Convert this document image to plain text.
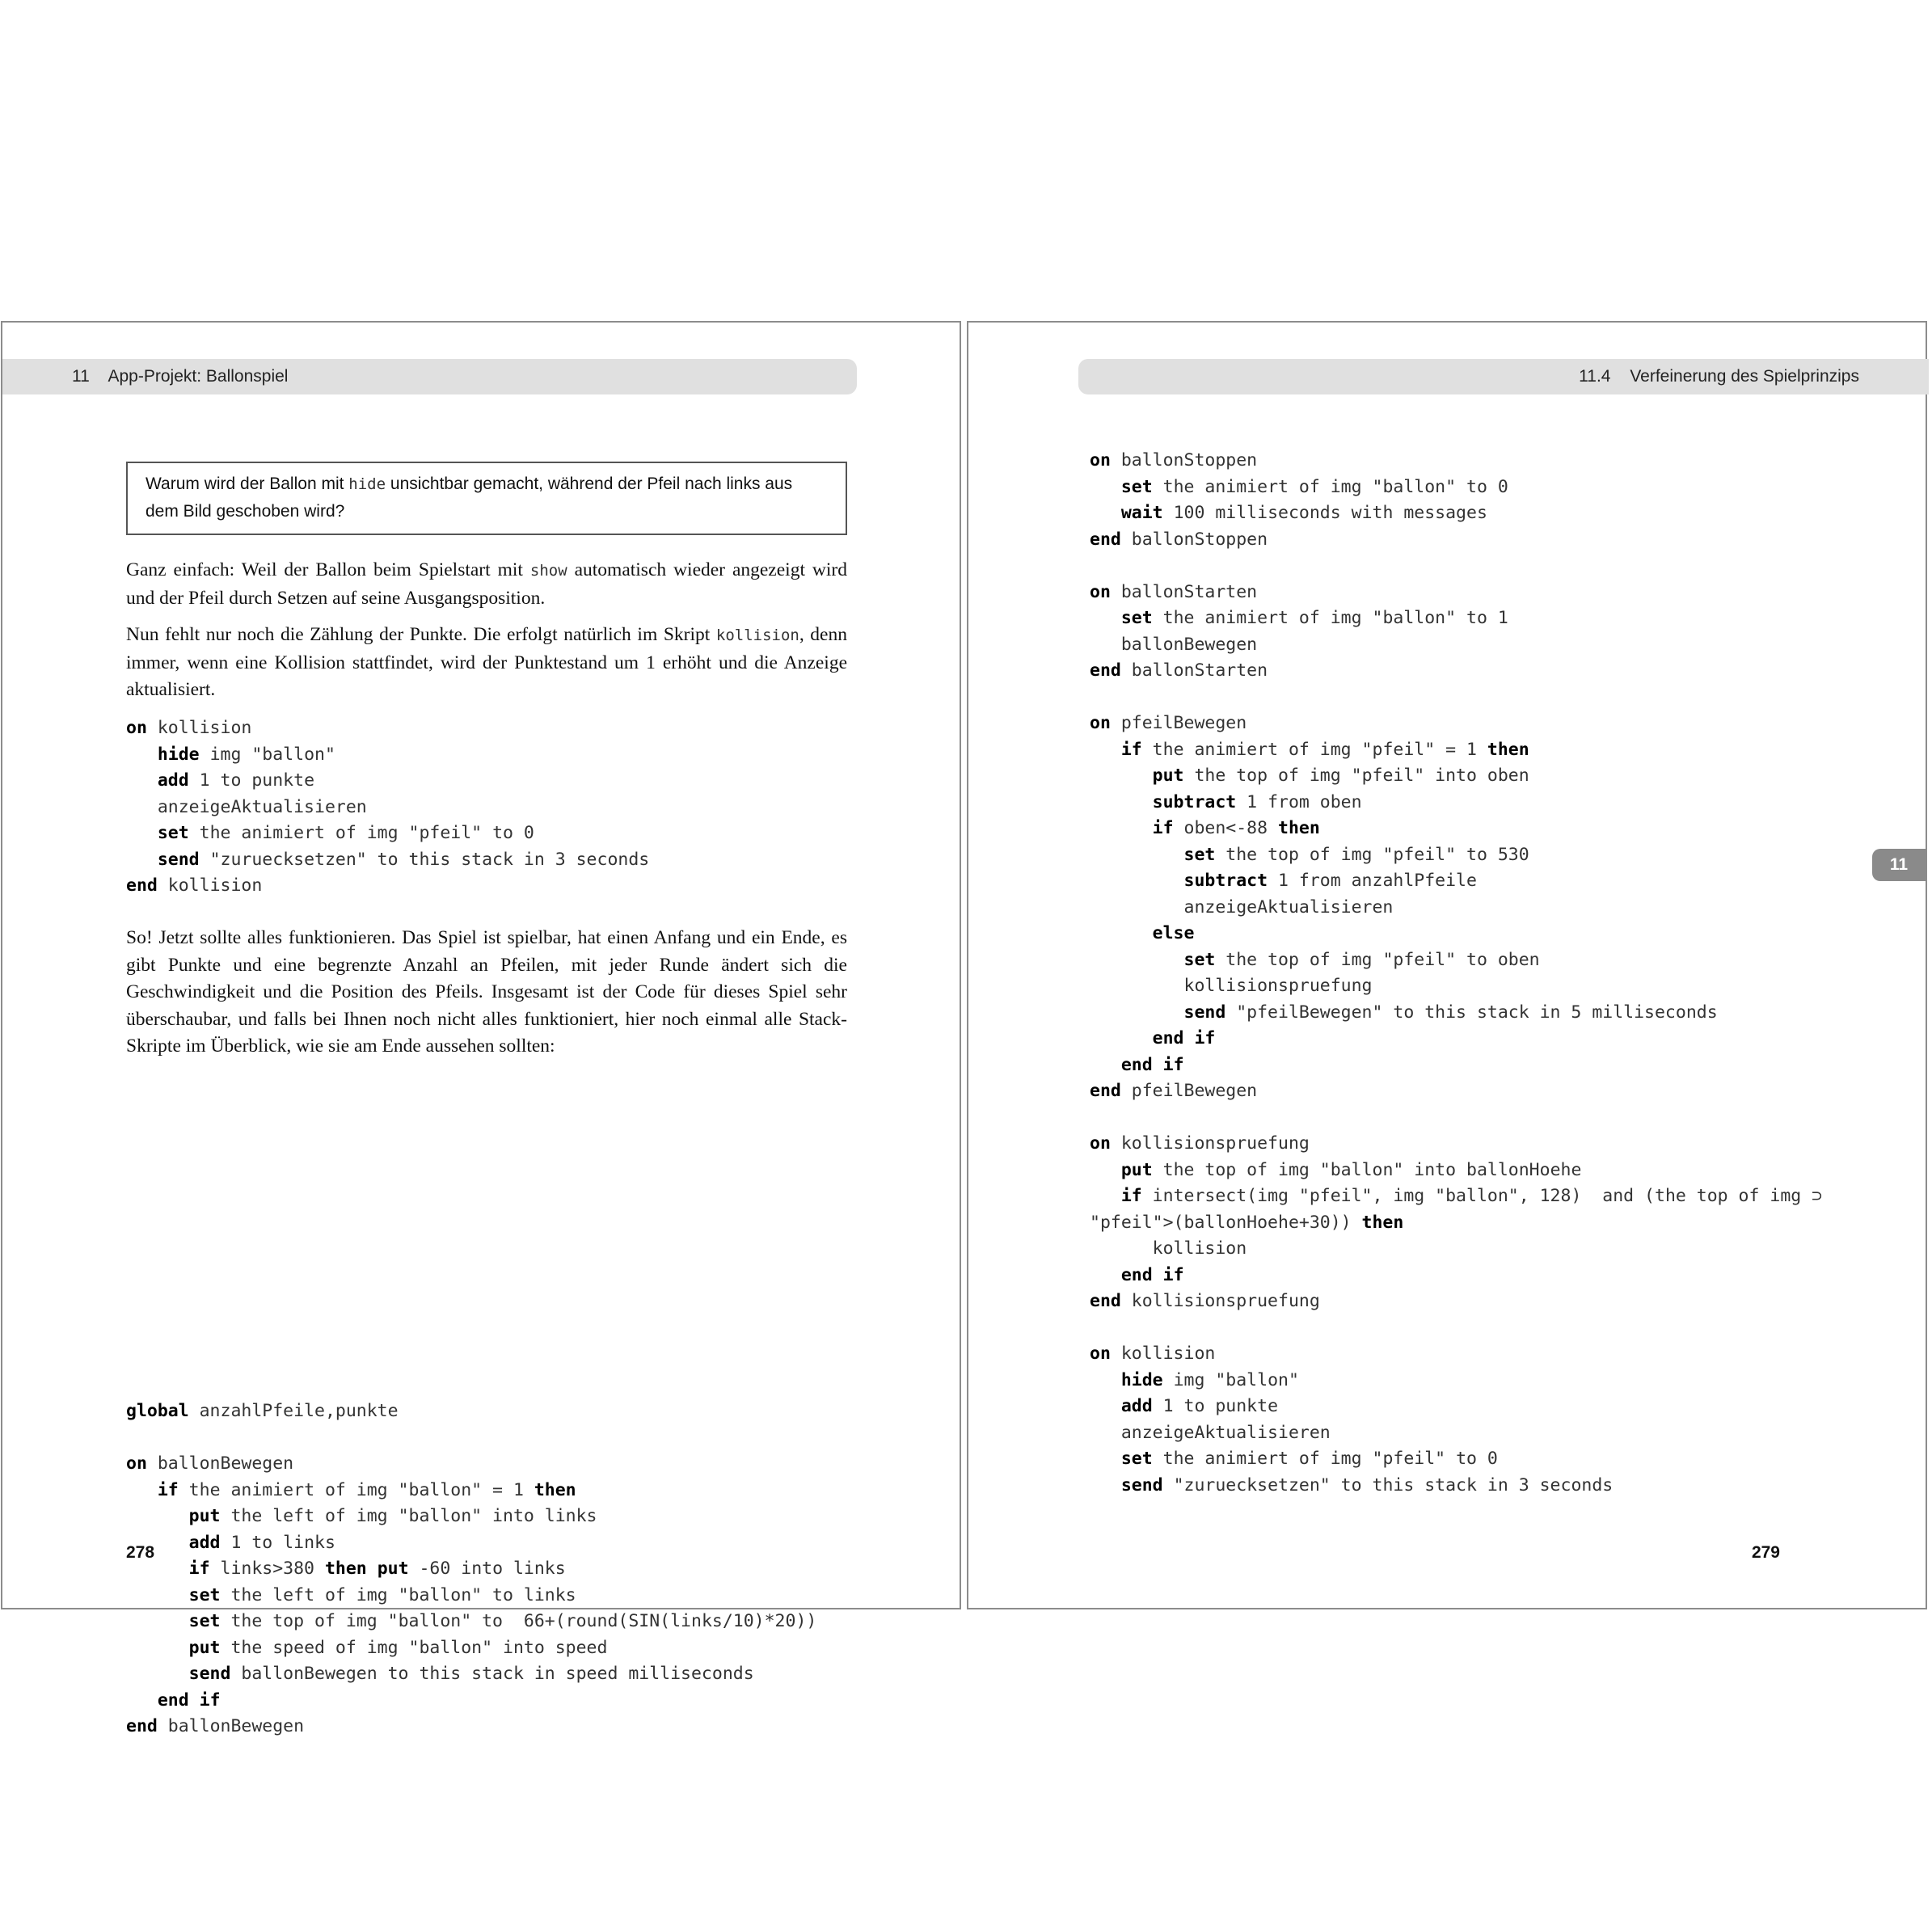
11 App-Projekt: Ballonspiel
Warum wird der Ballon mit hide unsichtbar gemacht, während der Pfeil nach links aus dem Bild geschoben wird?

Ganz einfach: Weil der Ballon beim Spielstart mit show automatisch wieder angezeigt wird und der Pfeil durch Setzen auf seine Ausgangsposition.

Nun fehlt nur noch die Zählung der Punkte. Die erfolgt natürlich im Skript kollision, denn immer, wenn eine Kollision stattfindet, wird der Punktestand um 1 erhöht und die Anzeige aktualisiert.

on kollision
hide img "ballon"
add 1 to punkte
anzeigeAktualisieren
set the animiert of img "pfeil" to 0
send "zuruecksetzen" to this stack in 3 seconds
end kollision

So! Jetzt sollte alles funktionieren. Das Spiel ist spielbar, hat einen Anfang und ein Ende, es gibt Punkte und eine begrenzte Anzahl an Pfeilen, mit jeder Runde ändert sich die Geschwindigkeit und die Position des Pfeils. Insgesamt ist der Code für dieses Spiel sehr überschaubar, und falls bei Ihnen noch nicht alles funktioniert, hier noch einmal alle Stack-Skripte im Überblick, wie sie am Ende aussehen sollten:

global anzahlPfeile,punkte

on ballonBewegen
if the animiert of img "ballon" = 1 then
put the left of img "ballon" into links
add 1 to links
if links>380 then put -60 into links
set the left of img "ballon" to links
set the top of img "ballon" to  66+(round(SIN(links/10)*20))
put the speed of img "ballon" into speed
send ballonBewegen to this stack in speed milliseconds
end if
end ballonBewegen
278
11.4 Verfeinerung des Spielprinzips
on ballonStoppen
set the animiert of img "ballon" to 0
wait 100 milliseconds with messages
end ballonStoppen

on ballonStarten
set the animiert of img "ballon" to 1
ballonBewegen
end ballonStarten

on pfeilBewegen
if the animiert of img "pfeil" = 1 then
put the top of img "pfeil" into oben
subtract 1 from oben
if oben<-88 then
set the top of img "pfeil" to 530
subtract 1 from anzahlPfeile
anzeigeAktualisieren
else
set the top of img "pfeil" to oben
kollisionspruefung
send "pfeilBewegen" to this stack in 5 milliseconds
end if
end if
end pfeilBewegen

on kollisionspruefung
put the top of img "ballon" into ballonHoehe
if intersect(img "pfeil", img "ballon", 128)  and (the top of img ⊃
"pfeil">(ballonHoehe+30)) then
kollision
end if
end kollisionspruefung

on kollision
hide img "ballon"
add 1 to punkte
anzeigeAktualisieren
set the animiert of img "pfeil" to 0
send "zuruecksetzen" to this stack in 3 seconds
11
279
